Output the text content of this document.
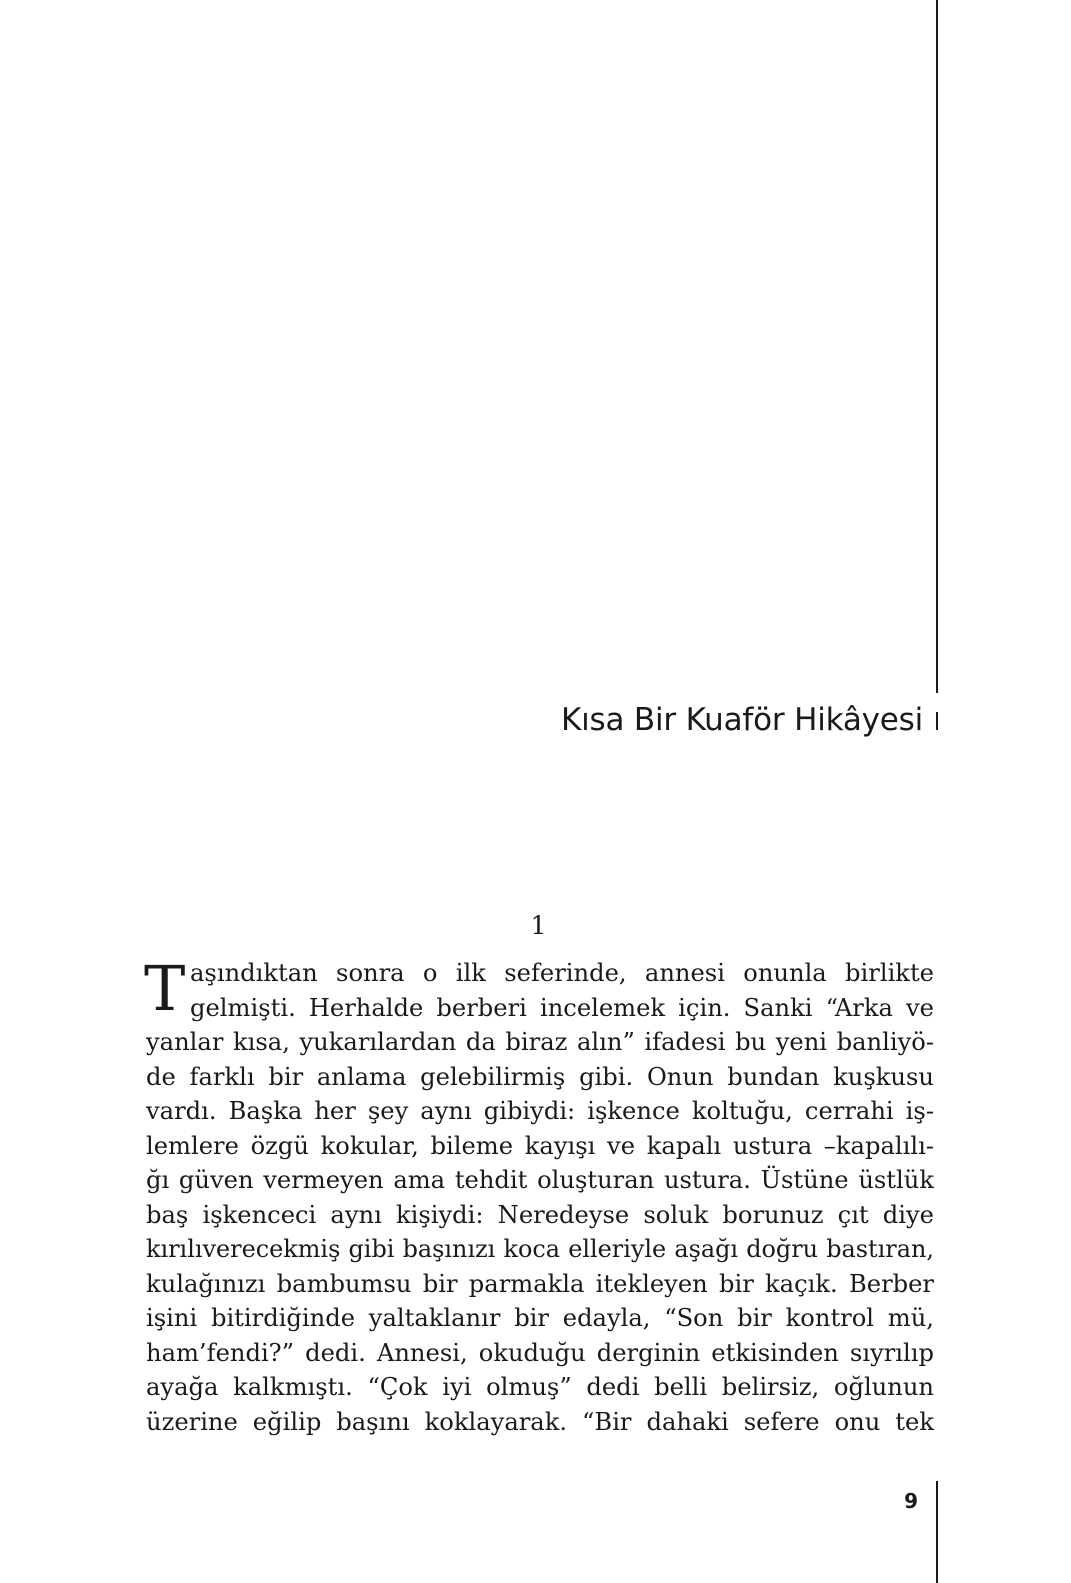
Kısa Bir Kuaför Hikâyesi
1
T aşındıktan sonra o ilk seferinde, annesi onunla birlikte
gelmişti. Herhalde berberi incelemek için. Sanki “Arka ve
yanlar kısa, yukarılardan da biraz alın” ifadesi bu yeni banliyö-
de farklı bir anlama gelebilirmiş gibi. Onun bundan kuşkusu
vardı. Başka her şey aynı gibiydi: işkence koltuğu, cerrahi iş-
lemlere özgü kokular, bileme kayışı ve kapalı ustura –kapalılı-
ğı güven vermeyen ama tehdit oluşturan ustura. Üstüne üstlük
baş işkenceci aynı kişiydi: Neredeyse soluk borunuz çıt diye
kırılıverecekmiş gibi başınızı koca elleriyle aşağı doğru bastıran,
kulağınızı bambumsu bir parmakla itekleyen bir kaçık. Berber
işini bitirdiğinde yaltaklanır bir edayla, “Son bir kontrol mü,
ham’fendi?” dedi. Annesi, okuduğu derginin etkisinden sıyrılıp
ayağa kalkmıştı. “Çok iyi olmuş” dedi belli belirsiz, oğlunun
üzerine eğilip başını koklayarak. “Bir dahaki sefere onu tek
9
